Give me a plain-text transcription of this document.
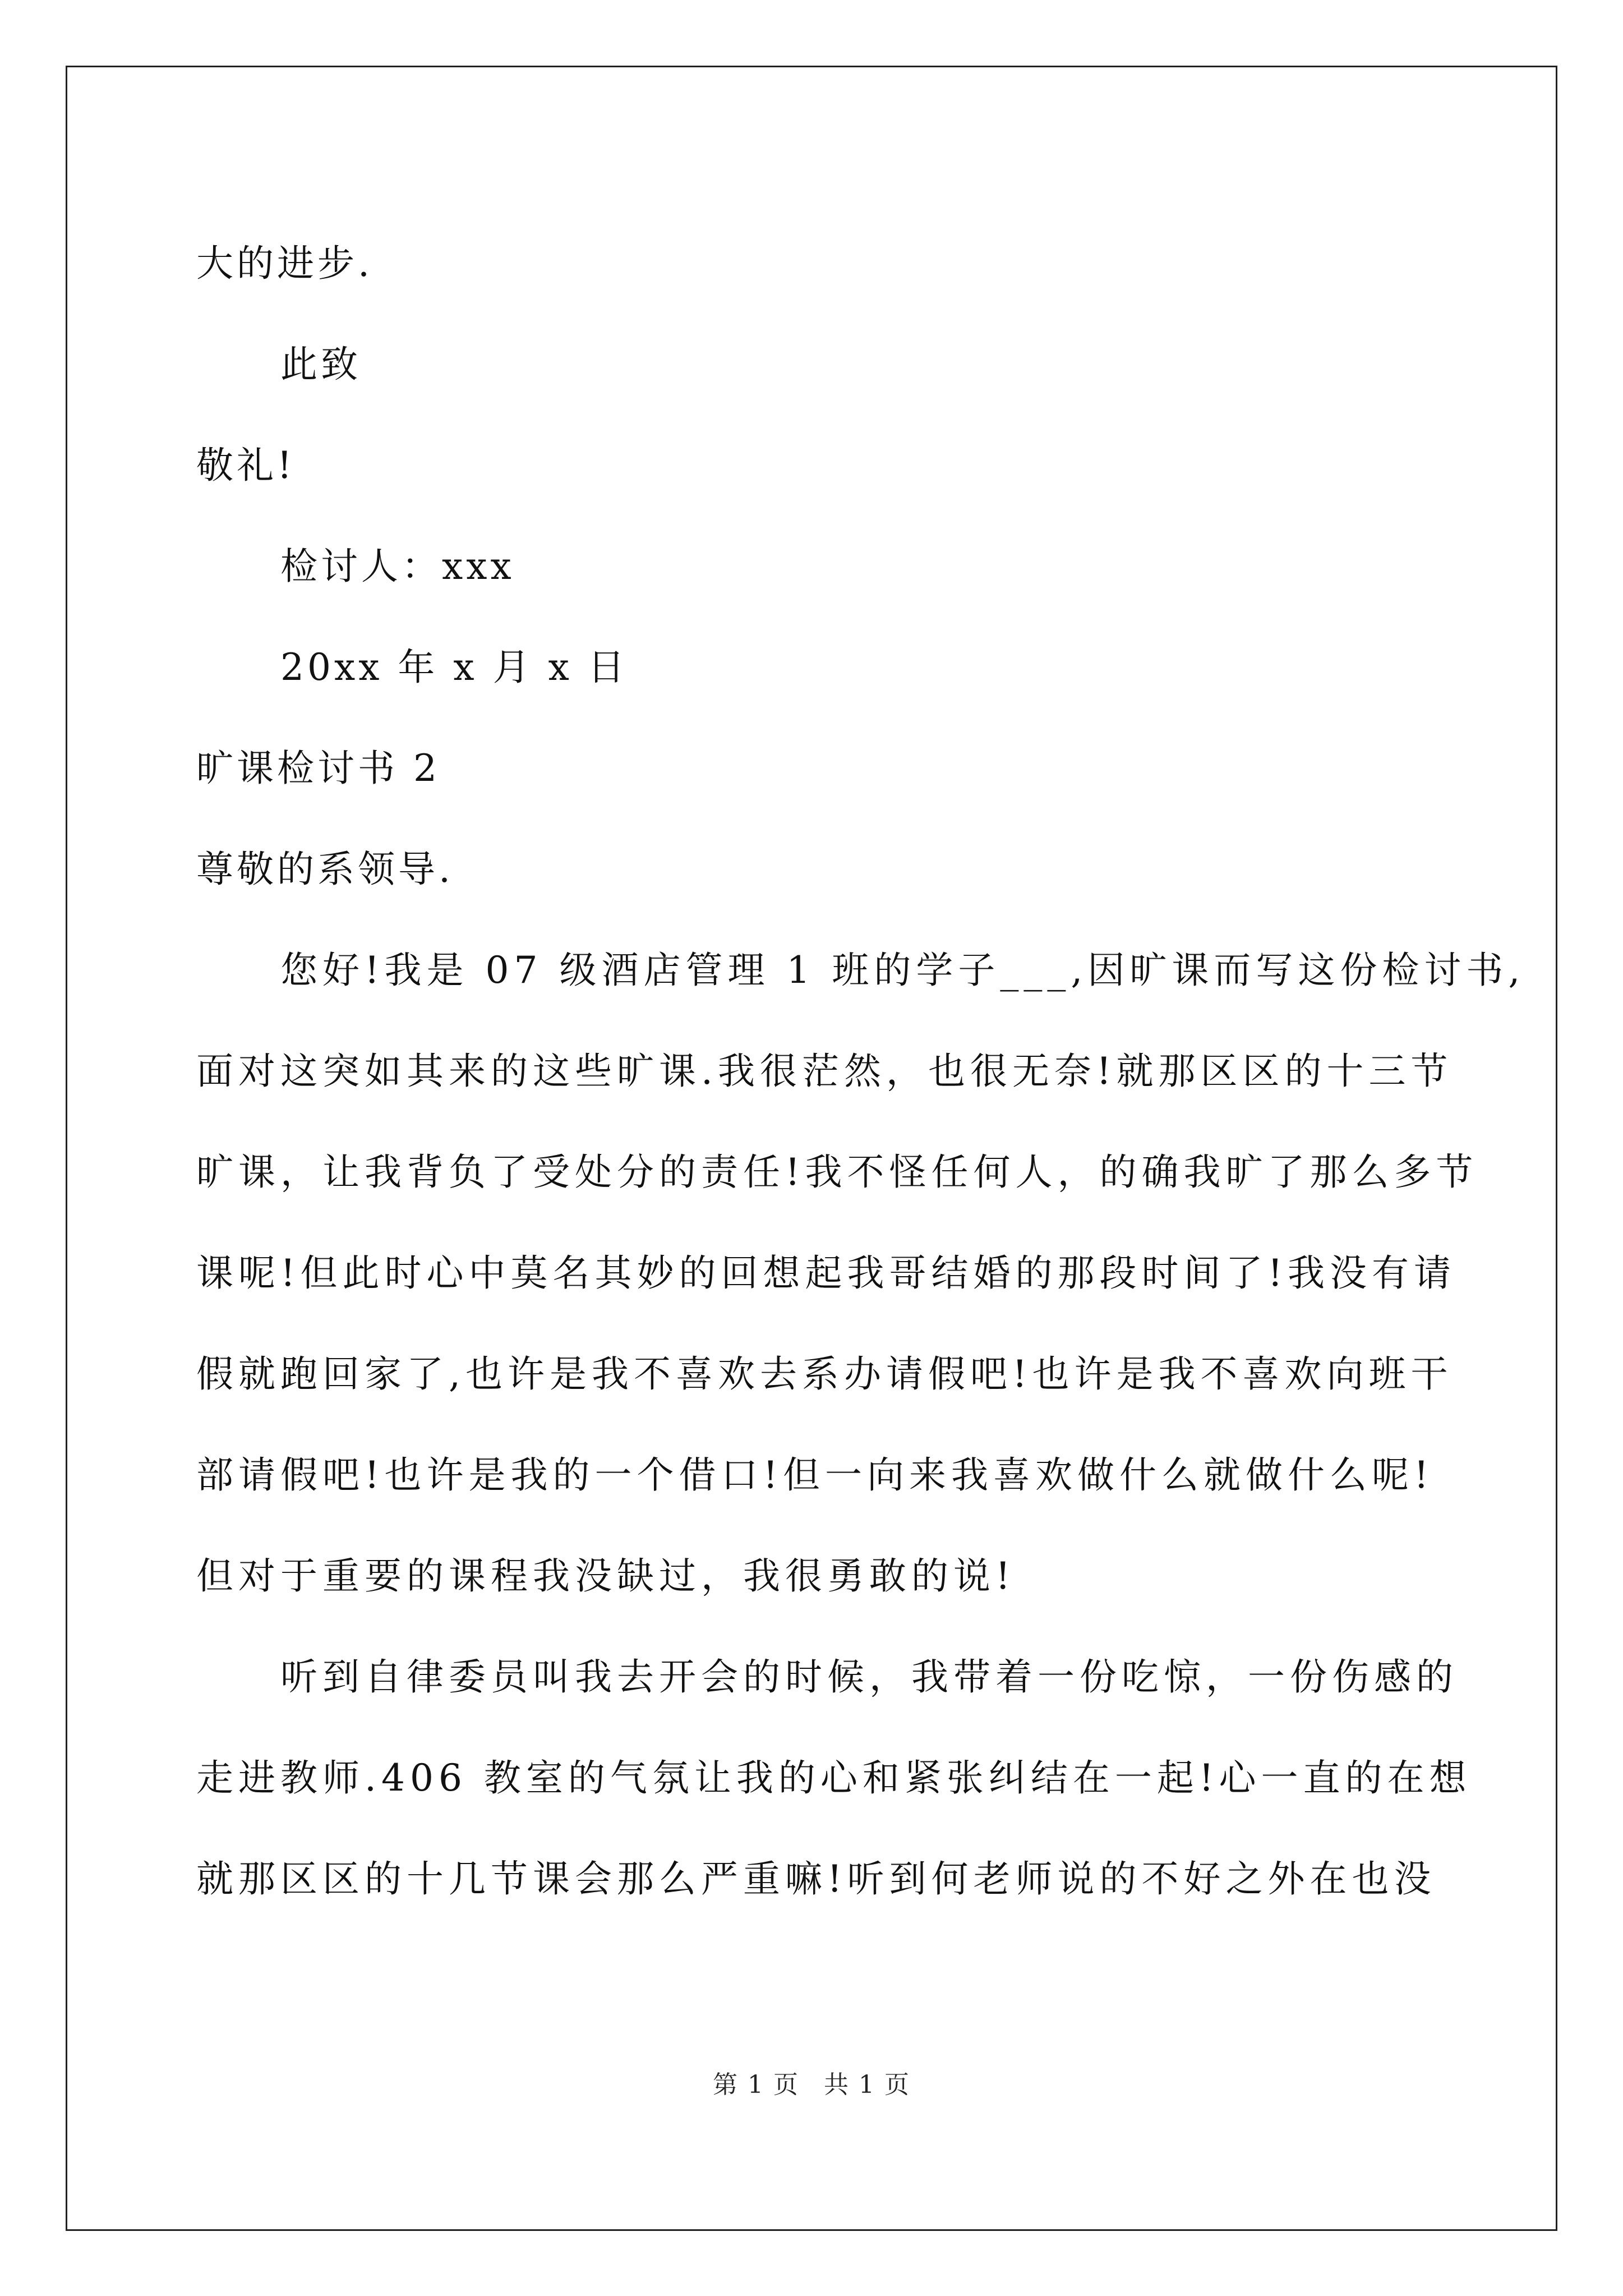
大的进步.
此致
敬礼!
检讨人：xxx
20xx 年 x 月 x 日
旷课检讨书 2
尊敬的系领导.
您好!我是 07 级酒店管理 1 班的学子___,因旷课而写这份检讨书,
面对这突如其来的这些旷课.我很茫然，也很无奈!就那区区的十三节
旷课，让我背负了受处分的责任!我不怪任何人，的确我旷了那么多节
课呢!但此时心中莫名其妙的回想起我哥结婚的那段时间了!我没有请
假就跑回家了,也许是我不喜欢去系办请假吧!也许是我不喜欢向班干
部请假吧!也许是我的一个借口!但一向来我喜欢做什么就做什么呢!
但对于重要的课程我没缺过，我很勇敢的说!
听到自律委员叫我去开会的时候，我带着一份吃惊，一份伤感的
走进教师.406 教室的气氛让我的心和紧张纠结在一起!心一直的在想
就那区区的十几节课会那么严重嘛!听到何老师说的不好之外在也没
第 1 页 共 1 页
